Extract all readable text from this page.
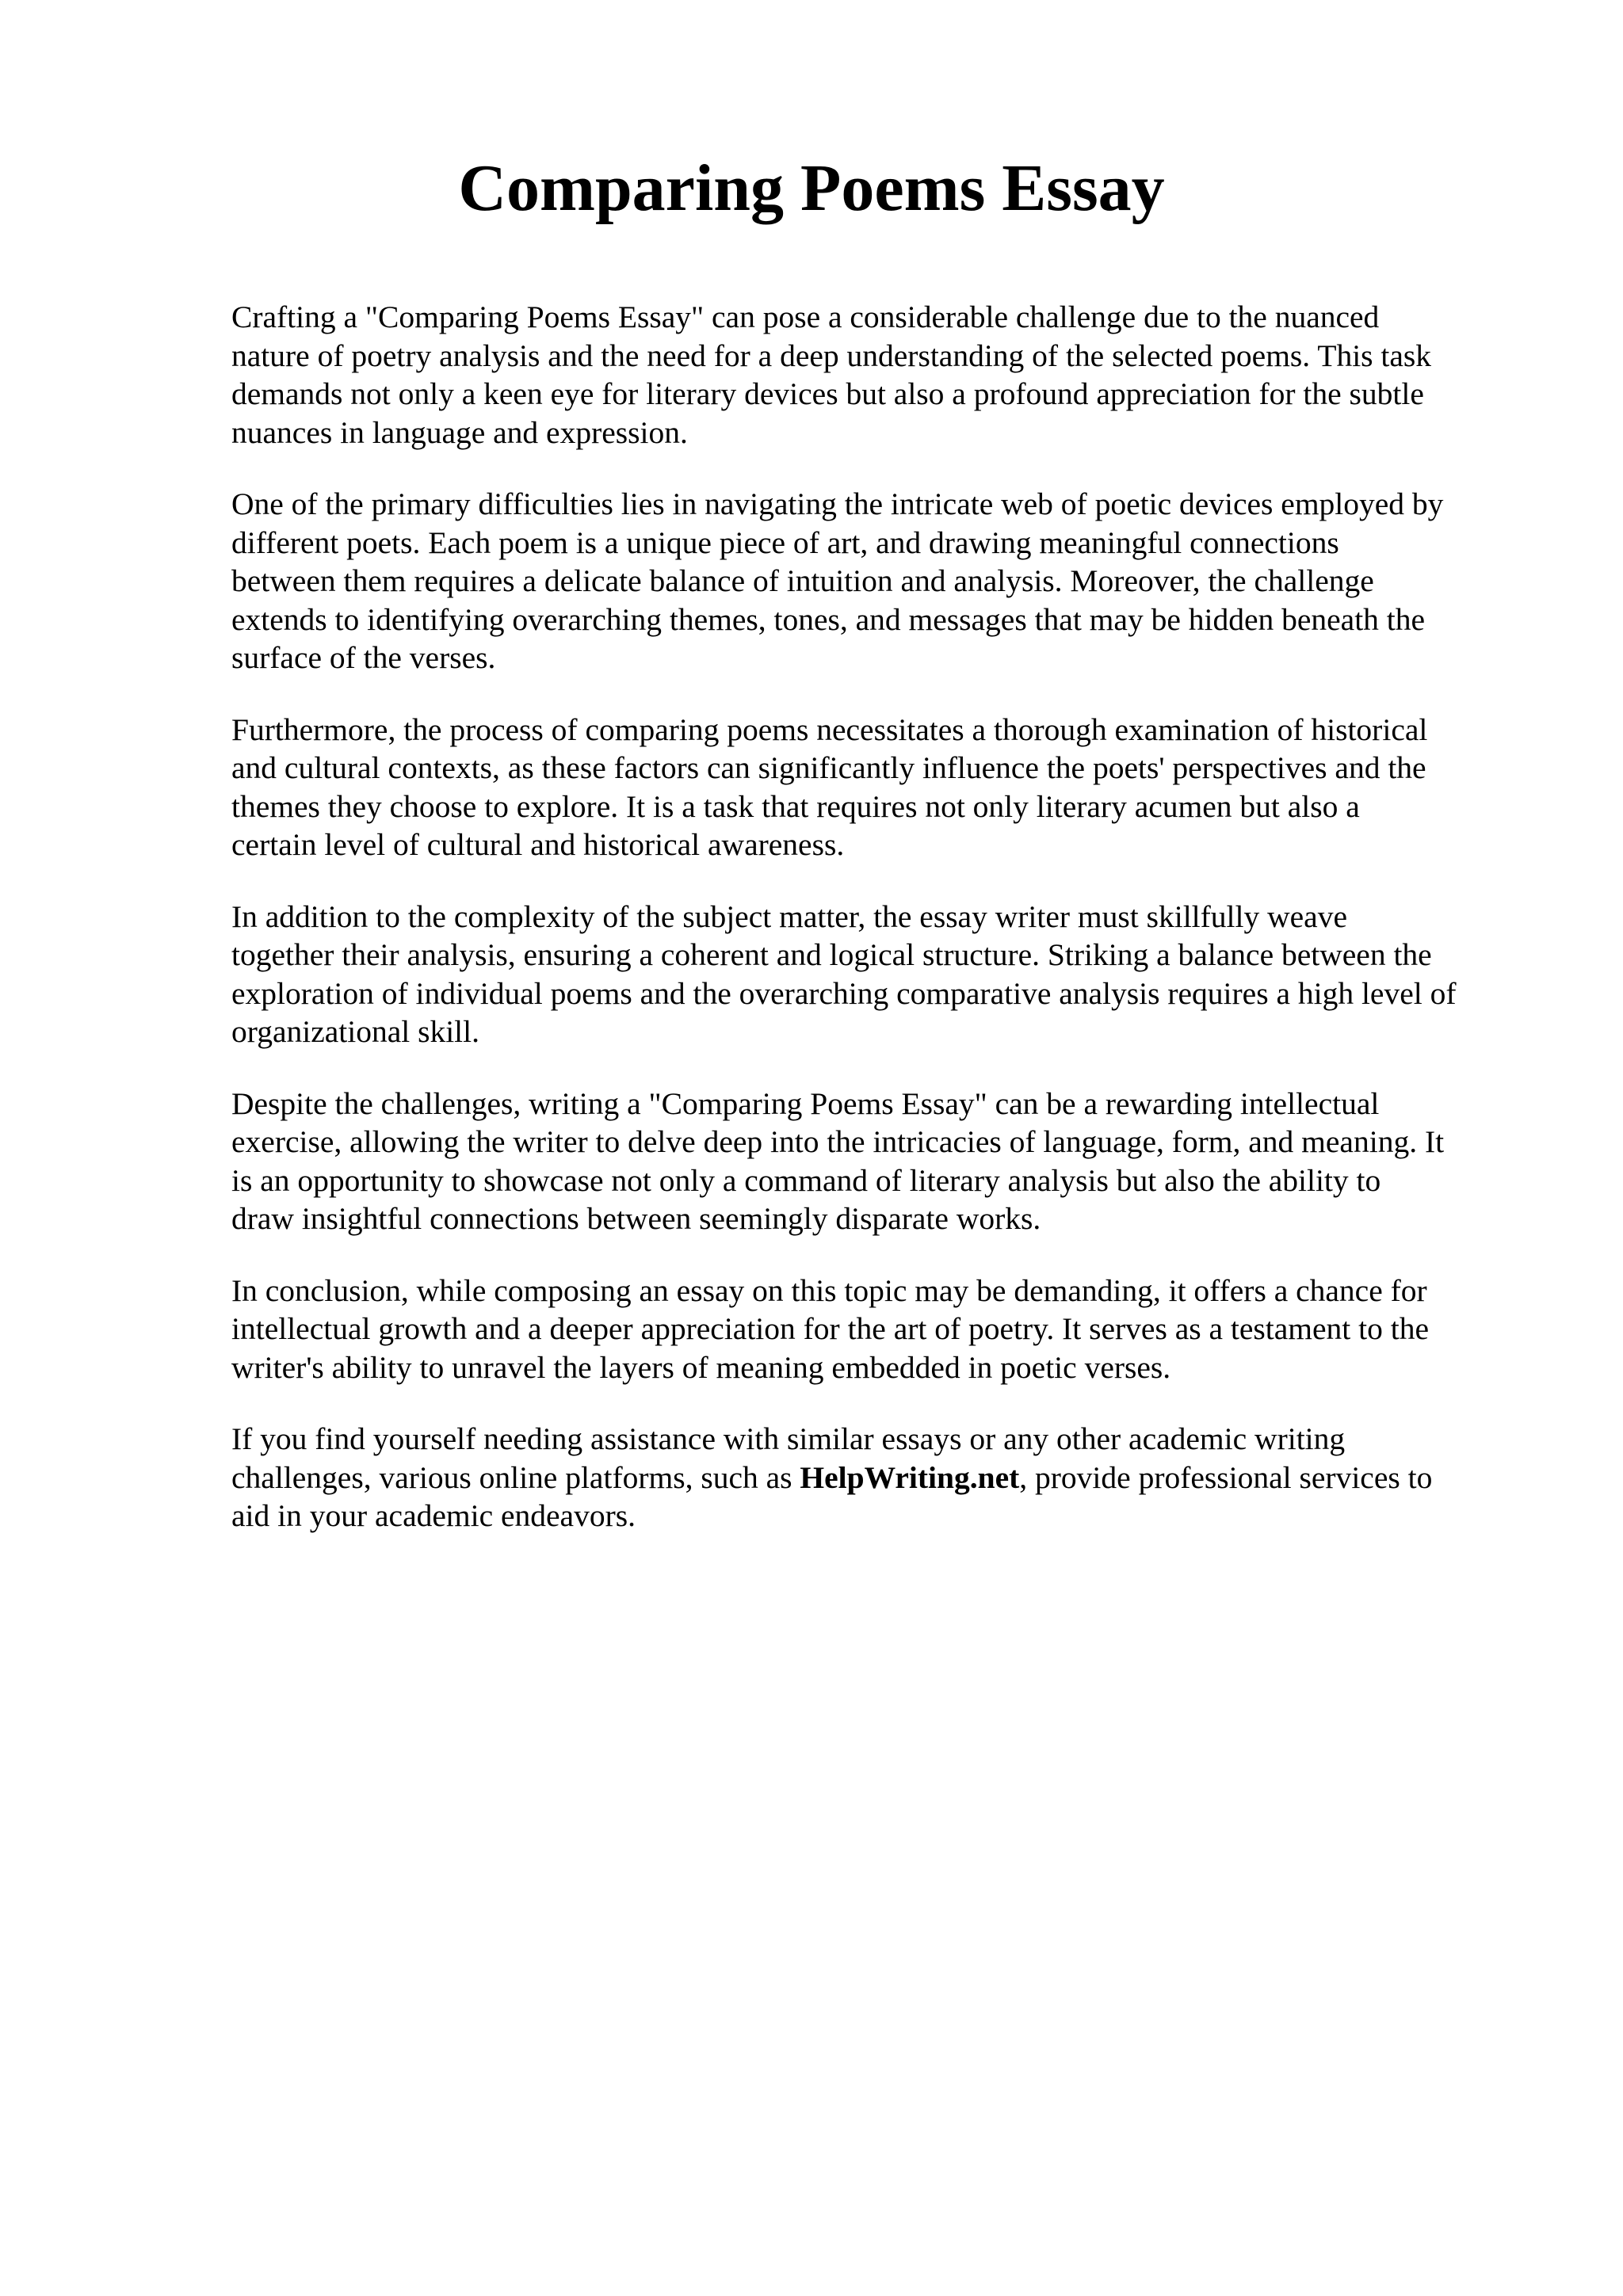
Comparing Poems Essay

Crafting a "Comparing Poems Essay" can pose a considerable challenge due to the nuanced
nature of poetry analysis and the need for a deep understanding of the selected poems. This task
demands not only a keen eye for literary devices but also a profound appreciation for the subtle
nuances in language and expression.

One of the primary difficulties lies in navigating the intricate web of poetic devices employed by
different poets. Each poem is a unique piece of art, and drawing meaningful connections
between them requires a delicate balance of intuition and analysis. Moreover, the challenge
extends to identifying overarching themes, tones, and messages that may be hidden beneath the
surface of the verses.

Furthermore, the process of comparing poems necessitates a thorough examination of historical
and cultural contexts, as these factors can significantly influence the poets' perspectives and the
themes they choose to explore. It is a task that requires not only literary acumen but also a
certain level of cultural and historical awareness.

In addition to the complexity of the subject matter, the essay writer must skillfully weave
together their analysis, ensuring a coherent and logical structure. Striking a balance between the
exploration of individual poems and the overarching comparative analysis requires a high level of
organizational skill.

Despite the challenges, writing a "Comparing Poems Essay" can be a rewarding intellectual
exercise, allowing the writer to delve deep into the intricacies of language, form, and meaning. It
is an opportunity to showcase not only a command of literary analysis but also the ability to
draw insightful connections between seemingly disparate works.

In conclusion, while composing an essay on this topic may be demanding, it offers a chance for
intellectual growth and a deeper appreciation for the art of poetry. It serves as a testament to the
writer's ability to unravel the layers of meaning embedded in poetic verses.

If you find yourself needing assistance with similar essays or any other academic writing
challenges, various online platforms, such as HelpWriting.net, provide professional services to
aid in your academic endeavors.
